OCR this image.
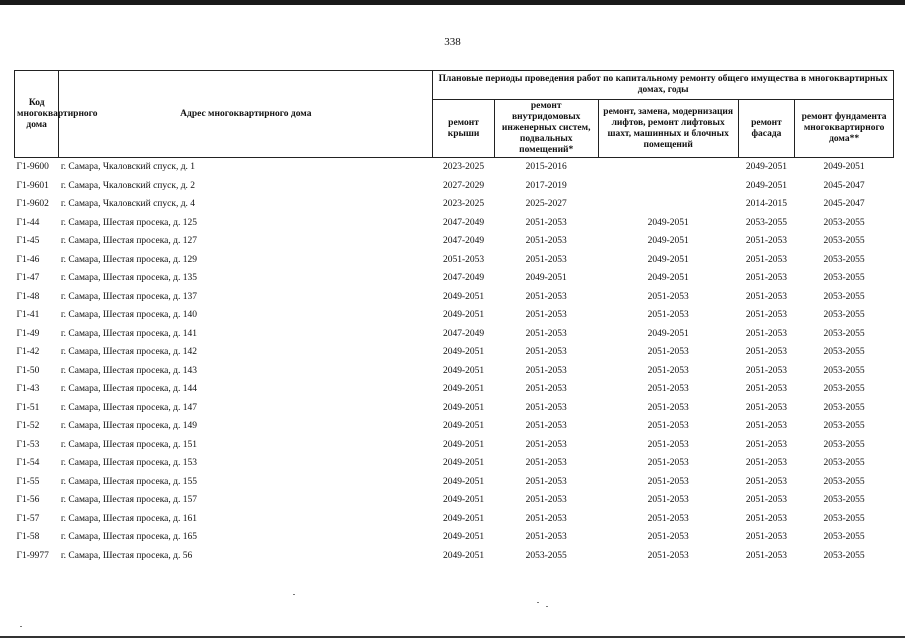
338
Код многоквартирного дома	Адрес многоквартирного дома	Плановые периоды проведения работ по капитальному ремонту общего имущества в многоквартирных домах, годы				
		ремонт крыши	ремонт внутридомовых инженерных систем, подвальных помещений*	ремонт, замена, модернизация лифтов, ремонт лифтовых шахт, машинных и блочных помещений	ремонт фасада	ремонт фундамента многоквартирного дома**
Г1-9600	г. Самара, Чкаловский спуск, д. 1	2023-2025	2015-2016		2049-2051	2049-2051
Г1-9601	г. Самара, Чкаловский спуск, д. 2	2027-2029	2017-2019		2049-2051	2045-2047
Г1-9602	г. Самара, Чкаловский спуск, д. 4	2023-2025	2025-2027		2014-2015	2045-2047
Г1-44	г. Самара, Шестая просека, д. 125	2047-2049	2051-2053	2049-2051	2053-2055	2053-2055
Г1-45	г. Самара, Шестая просека, д. 127	2047-2049	2051-2053	2049-2051	2051-2053	2053-2055
Г1-46	г. Самара, Шестая просека, д. 129	2051-2053	2051-2053	2049-2051	2051-2053	2053-2055
Г1-47	г. Самара, Шестая просека, д. 135	2047-2049	2049-2051	2049-2051	2051-2053	2053-2055
Г1-48	г. Самара, Шестая просека, д. 137	2049-2051	2051-2053	2051-2053	2051-2053	2053-2055
Г1-41	г. Самара, Шестая просека, д. 140	2049-2051	2051-2053	2051-2053	2051-2053	2053-2055
Г1-49	г. Самара, Шестая просека, д. 141	2047-2049	2051-2053	2049-2051	2051-2053	2053-2055
Г1-42	г. Самара, Шестая просека, д. 142	2049-2051	2051-2053	2051-2053	2051-2053	2053-2055
Г1-50	г. Самара, Шестая просека, д. 143	2049-2051	2051-2053	2051-2053	2051-2053	2053-2055
Г1-43	г. Самара, Шестая просека, д. 144	2049-2051	2051-2053	2051-2053	2051-2053	2053-2055
Г1-51	г. Самара, Шестая просека, д. 147	2049-2051	2051-2053	2051-2053	2051-2053	2053-2055
Г1-52	г. Самара, Шестая просека, д. 149	2049-2051	2051-2053	2051-2053	2051-2053	2053-2055
Г1-53	г. Самара, Шестая просека, д. 151	2049-2051	2051-2053	2051-2053	2051-2053	2053-2055
Г1-54	г. Самара, Шестая просека, д. 153	2049-2051	2051-2053	2051-2053	2051-2053	2053-2055
Г1-55	г. Самара, Шестая просека, д. 155	2049-2051	2051-2053	2051-2053	2051-2053	2053-2055
Г1-56	г. Самара, Шестая просека, д. 157	2049-2051	2051-2053	2051-2053	2051-2053	2053-2055
Г1-57	г. Самара, Шестая просека, д. 161	2049-2051	2051-2053	2051-2053	2051-2053	2053-2055
Г1-58	г. Самара, Шестая просека, д. 165	2049-2051	2051-2053	2051-2053	2051-2053	2053-2055
Г1-9977	г. Самара, Шестая просека, д. 56	2049-2051	2053-2055	2051-2053	2051-2053	2053-2055
